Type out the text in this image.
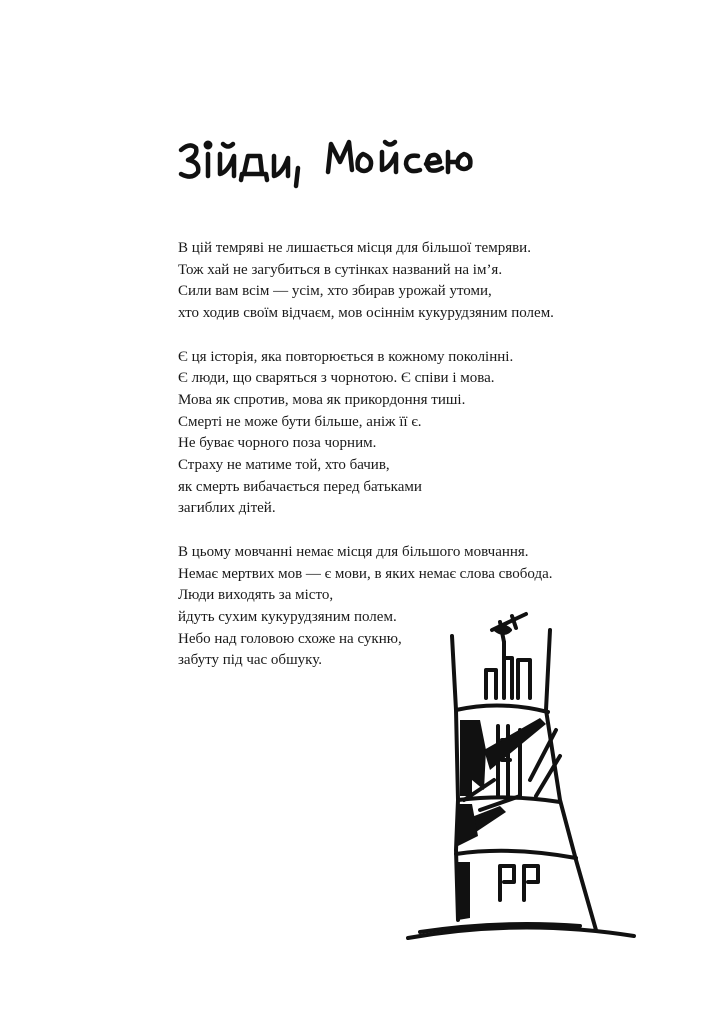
В цій темряві не лишається місця для більшої темряви.
Тож хай не загубиться в сутінках названий на ім’я.
Сили вам всім — усім, хто збирав урожай утоми,
хто ходив своїм відчаєм, мов осіннім кукурудзяним полем.
Є ця історія, яка повторюється в кожному поколінні.
Є люди, що сваряться з чорнотою. Є співи і мова.
Мова як спротив, мова як прикордоння тиші.
Смерті не може бути більше, аніж її є.
Не буває чорного поза чорним.
Страху не матиме той, хто бачив,
як смерть вибачається перед батьками
загиблих дітей.
В цьому мовчанні немає місця для більшого мовчання.
Немає мертвих мов — є мови, в яких немає слова свобода.
Люди виходять за місто,
йдуть сухим кукурудзяним полем.
Небо над головою схоже на сукню,
забуту під час обшуку.
